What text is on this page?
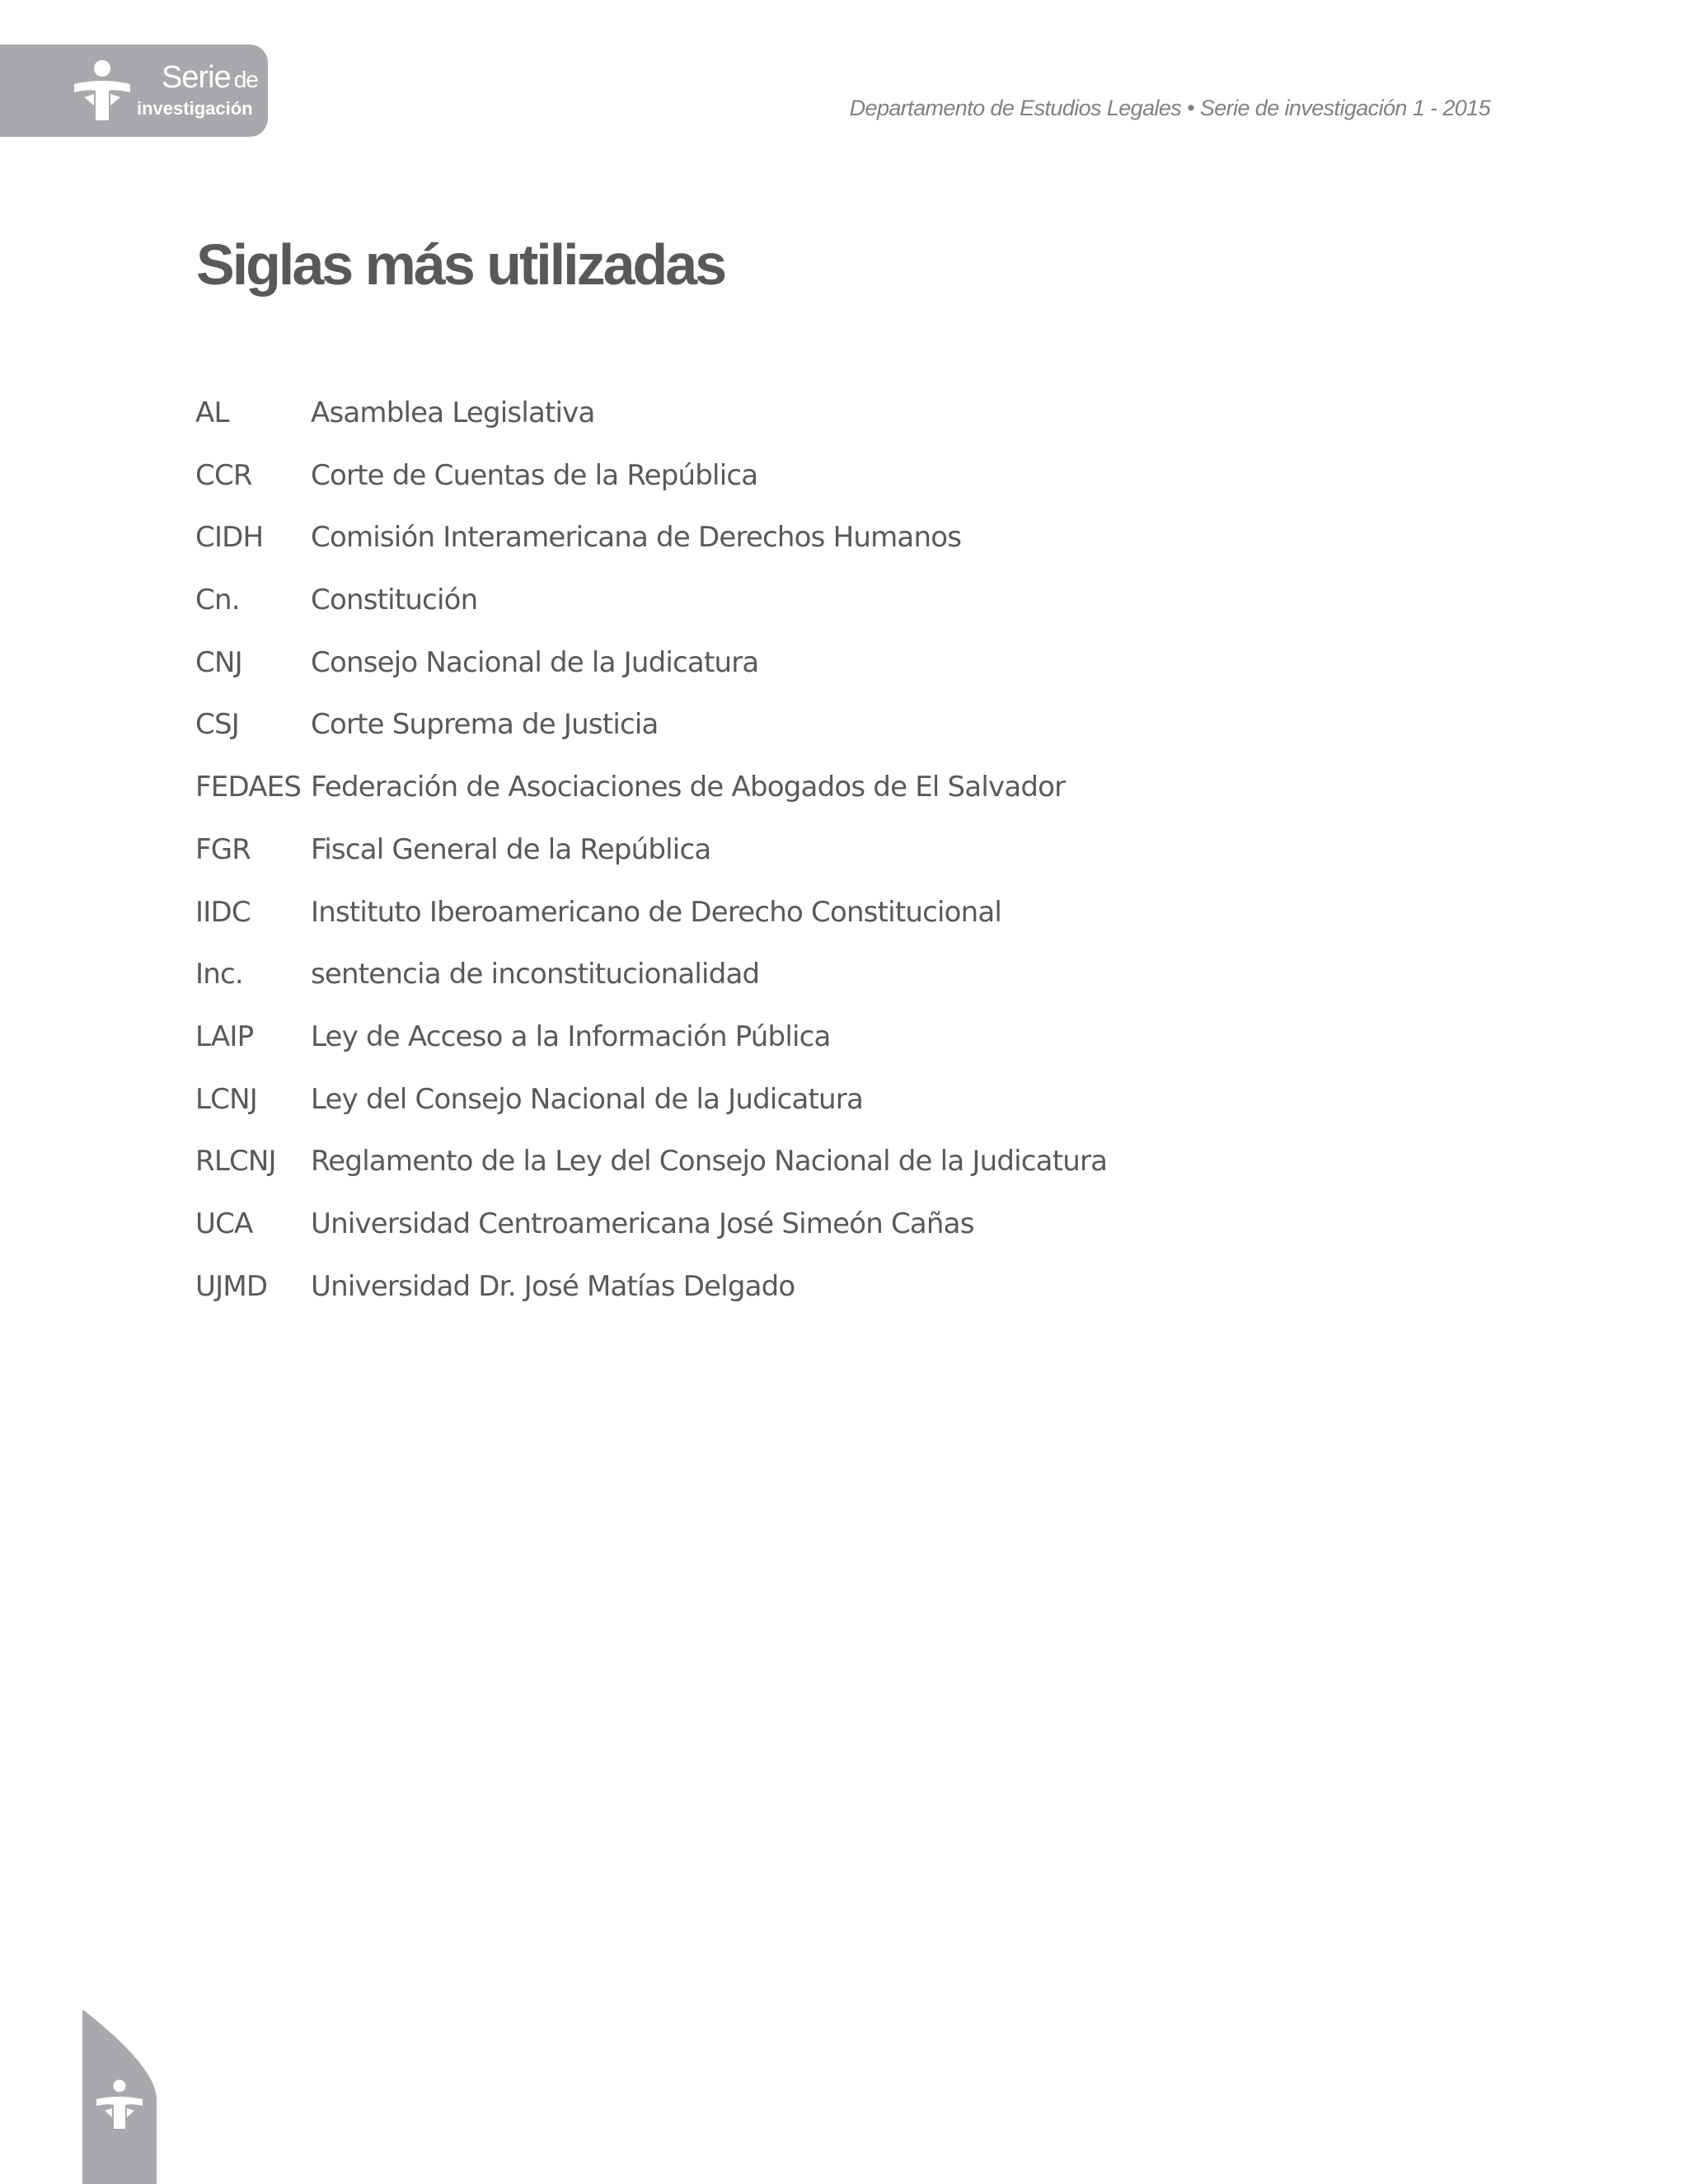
Serie de
investigación	Departamento de Estudios Legales • Serie de investigación 1 - 2015
Siglas más utilizadas
AL	Asamblea Legislativa
CCR	Corte de Cuentas de la República
CIDH	Comisión Interamericana de Derechos Humanos
Cn.	Constitución
CNJ	Consejo Nacional de la Judicatura
CSJ	Corte Suprema de Justicia
FEDAES Federación de Asociaciones de Abogados de El Salvador
FGR	Fiscal General de la República
IIDC	Instituto Iberoamericano de Derecho Constitucional
Inc.	sentencia de inconstitucionalidad
LAIP	Ley de Acceso a la Información Pública
LCNJ	Ley del Consejo Nacional de la Judicatura
RLCNJ	Reglamento de la Ley del Consejo Nacional de la Judicatura
UCA	Universidad Centroamericana José Simeón Cañas
UJMD	Universidad Dr. José Matías Delgado
